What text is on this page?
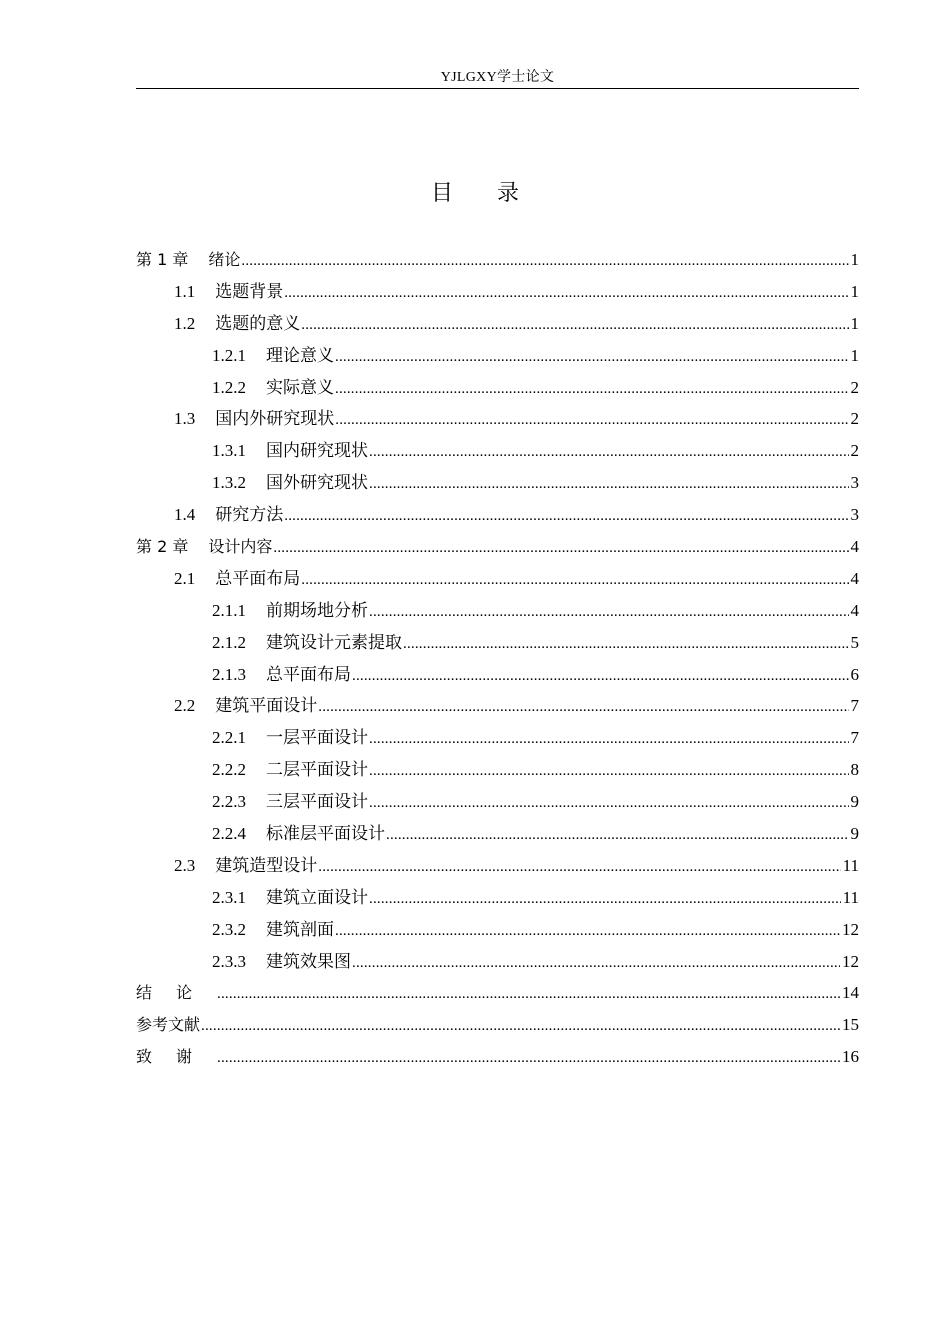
YJLGXY学士论文
目 录
第 1 章 绪论 .....	1
1.1 选题背景 .....	1
1.2 选题的意义 .....	1
1.2.1 理论意义 .....	1
1.2.2 实际意义 .....	2
1.3 国内外研究现状 .....	2
1.3.1 国内研究现状 .....	2
1.3.2 国外研究现状 .....	3
1.4 研究方法 .....	3
第 2 章 设计内容 .....	4
2.1 总平面布局 .....	4
2.1.1 前期场地分析 .....	4
2.1.2 建筑设计元素提取 .....	5
2.1.3 总平面布局 .....	6
2.2 建筑平面设计 .....	7
2.2.1 一层平面设计 .....	7
2.2.2 二层平面设计 .....	8
2.2.3 三层平面设计 .....	9
2.2.4 标准层平面设计 .....	9
2.3 建筑造型设计 .....	11
2.3.1 建筑立面设计 .....	11
2.3.2 建筑剖面 .....	12
2.3.3 建筑效果图 .....	12
结论 .....	14
参考文献 .....	15
致谢 .....	16
